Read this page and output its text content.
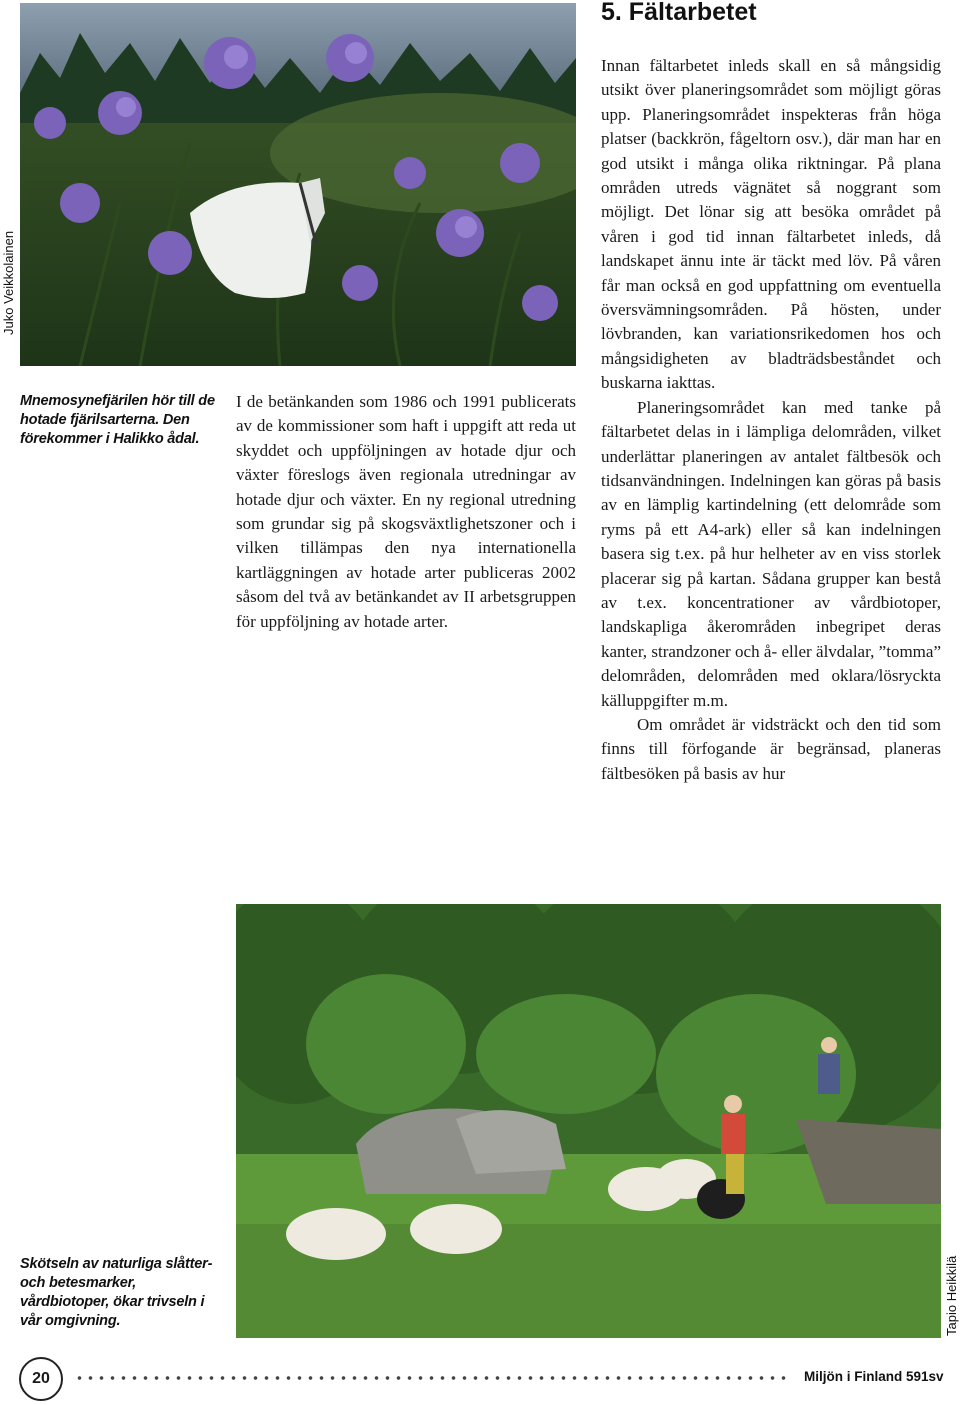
Juko Veikkolainen
Mnemosynefjärilen hör till de hotade fjärilsarterna. Den förekommer i Halikko ådal.

I de betänkanden som 1986 och 1991 publicerats av de kommissioner som haft i uppgift att reda ut skyddet och uppföljningen av hotade djur och växter föreslogs även regionala utredningar av hotade djur och växter. En ny regional utredning som grundar sig på skogsväxtlighetszoner och i vilken tillämpas den nya internationella kartläggningen av hotade arter publiceras 2002 såsom del två av betänkandet av II arbetsgruppen för uppföljning av hotade arter.

5. Fältarbetet

Innan fältarbetet inleds skall en så mångsidig utsikt över planeringsområdet som möjligt göras upp. Planeringsområdet inspekteras från höga platser (backkrön, fågeltorn osv.), där man har en god utsikt i många olika riktningar. På plana områden utreds vägnätet så noggrant som möjligt. Det lönar sig att besöka området på våren i god tid innan fältarbetet inleds, då landskapet ännu inte är täckt med löv. På våren får man också en god uppfattning om eventuella översvämningsområden. På hösten, under lövbranden, kan variationsrikedomen hos och mångsidigheten av bladträdsbeståndet och buskarna iakttas.

Planeringsområdet kan med tanke på fältarbetet delas in i lämpliga delområden, vilket underlättar planeringen av antalet fältbesök och tidsanvändningen. Indelningen kan göras på basis av en lämplig kartindelning (ett delområde som ryms på ett A4-ark) eller så kan indelningen basera sig t.ex. på hur helheter av en viss storlek placerar sig på kartan. Sådana grupper kan bestå av t.ex. koncentrationer av vårdbiotoper, landskapliga åkerområden inbegripet deras kanter, strandzoner och å- eller älvdalar, ”tomma” delområden, delområden med oklara/lösryckta källuppgifter m.m.

Om området är vidsträckt och den tid som finns till förfogande är begränsad, planeras fältbesöken på basis av hur

Tapio Heikkilä
Skötseln av naturliga slåtter- och betesmarker, vårdbiotoper, ökar trivseln i vår omgivning.
20	Miljön i Finland 591sv
